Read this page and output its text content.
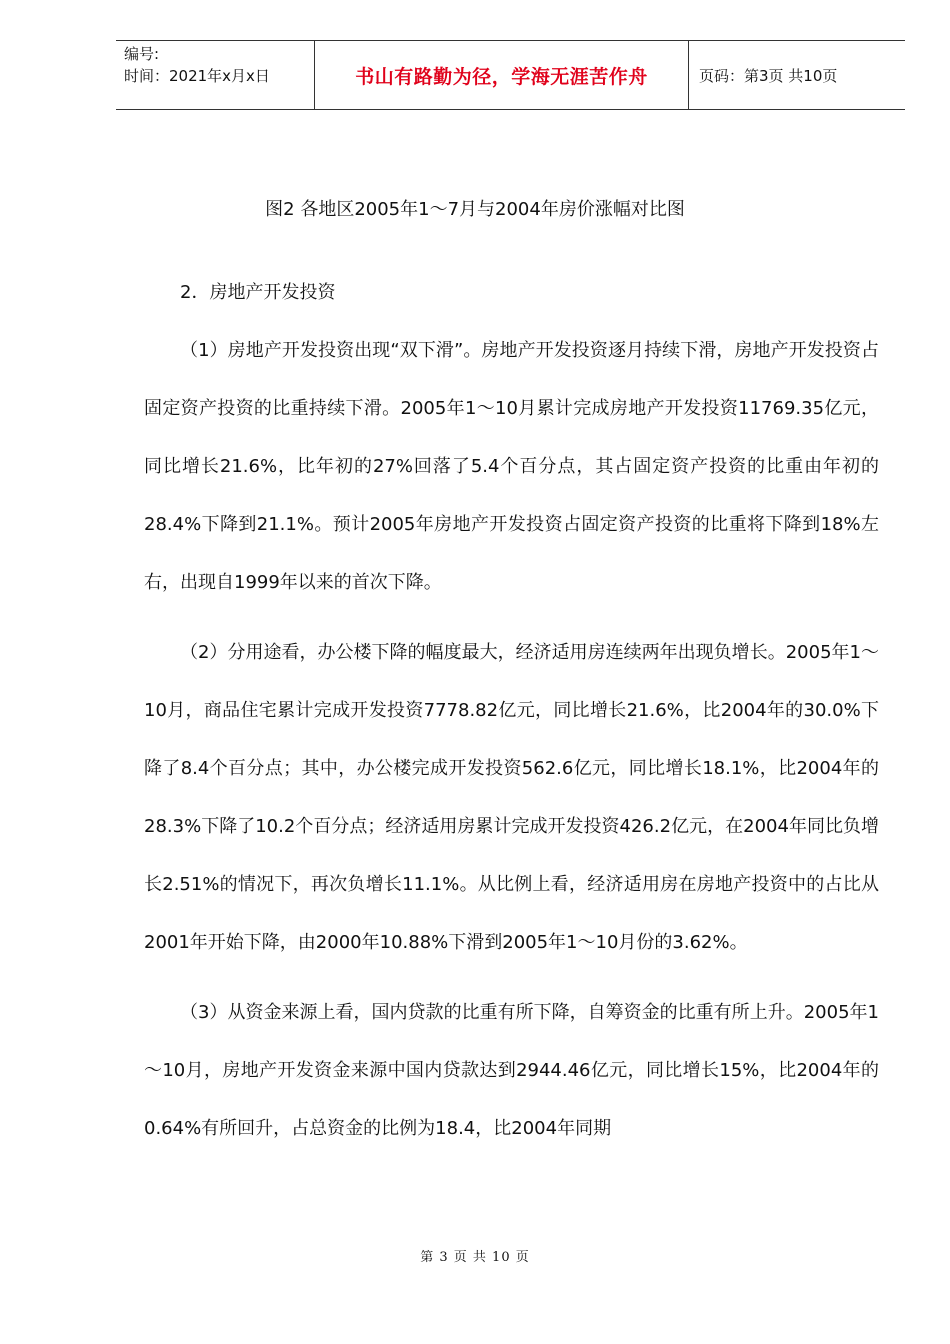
编号:
时间：2021年x月x日	书山有路勤为径，学海无涯苦作舟	页码：第3页 共10页
图2 各地区2005年1～7月与2004年房价涨幅对比图

2．房地产开发投资

（1）房地产开发投资出现“双下滑”。房地产开发投资逐月持续下滑，房地产开发投资占固定资产投资的比重持续下滑。2005年1～10月累计完成房地产开发投资11769.35亿元，同比增长21.6%，比年初的27%回落了5.4个百分点，其占固定资产投资的比重由年初的28.4%下降到21.1%。预计2005年房地产开发投资占固定资产投资的比重将下降到18%左右，出现自1999年以来的首次下降。

（2）分用途看，办公楼下降的幅度最大，经济适用房连续两年出现负增长。2005年1～10月，商品住宅累计完成开发投资7778.82亿元，同比增长21.6%，比2004年的30.0%下降了8.4个百分点；其中，办公楼完成开发投资562.6亿元，同比增长18.1%，比2004年的28.3%下降了10.2个百分点；经济适用房累计完成开发投资426.2亿元，在2004年同比负增长2.51%的情况下，再次负增长11.1%。从比例上看，经济适用房在房地产投资中的占比从2001年开始下降，由2000年10.88%下滑到2005年1～10月份的3.62%。

（3）从资金来源上看，国内贷款的比重有所下降，自筹资金的比重有所上升。2005年1～10月，房地产开发资金来源中国内贷款达到2944.46亿元，同比增长15%，比2004年的0.64%有所回升，占总资金的比例为18.4，比2004年同期

第 3 页 共 10 页
